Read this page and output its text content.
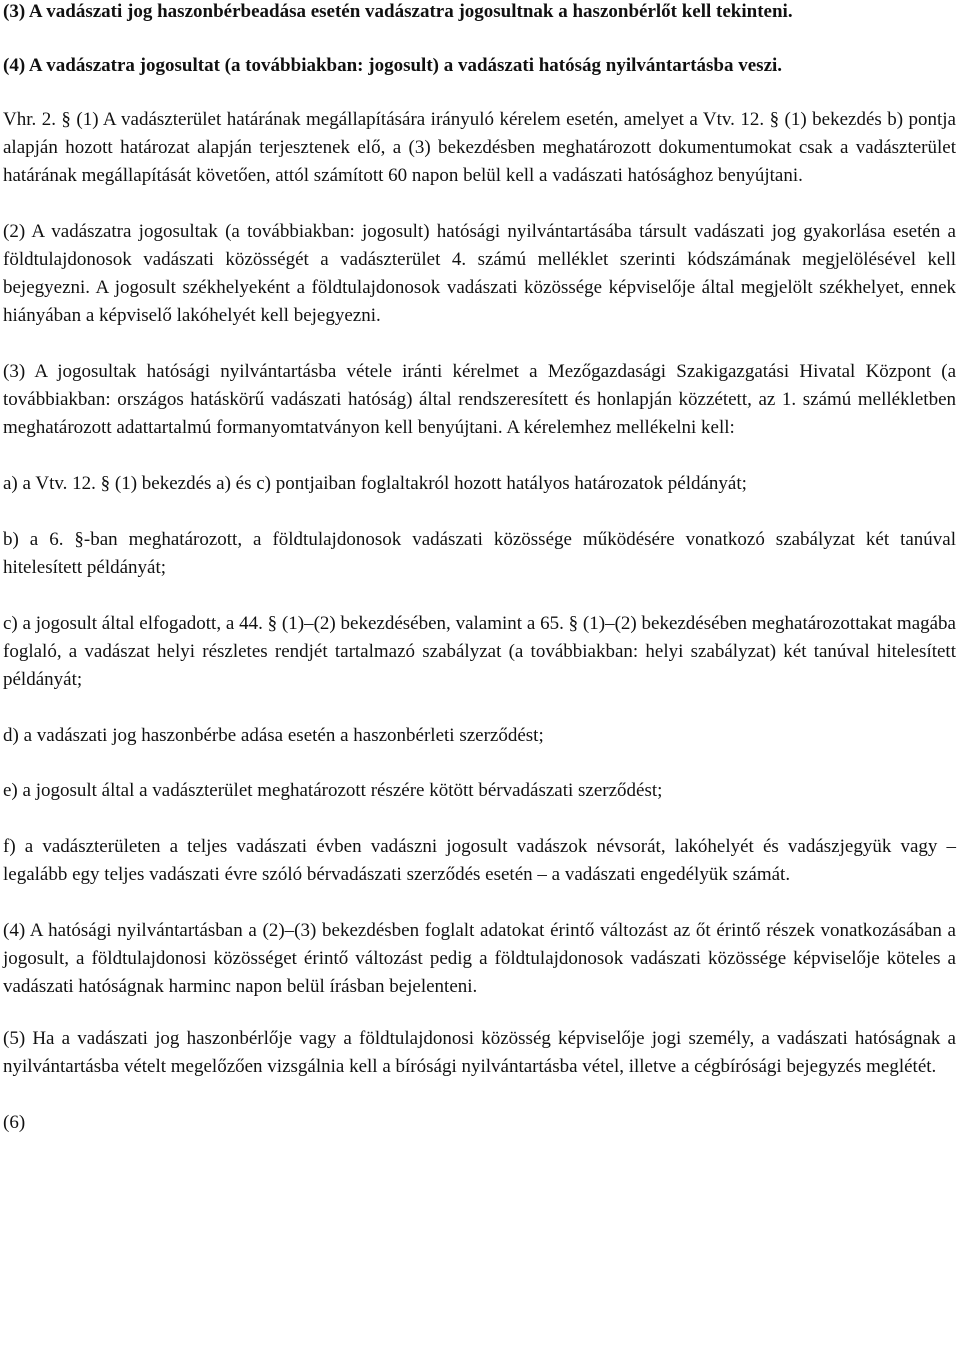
(3) A vadászati jog haszonbérbeadása esetén vadászatra jogosultnak a haszonbérlőt kell tekinteni.

(4) A vadászatra jogosultat (a továbbiakban: jogosult) a vadászati hatóság nyilvántartásba veszi.

Vhr. 2. § (1) A vadászterület határának megállapítására irányuló kérelem esetén, amelyet a Vtv. 12. § (1) bekezdés b) pontja alapján hozott határozat alapján terjesztenek elő, a (3) bekezdésben meghatározott dokumentumokat csak a vadászterület határának megállapítását követően, attól számított 60 napon belül kell a vadászati hatósághoz benyújtani.

(2) A vadászatra jogosultak (a továbbiakban: jogosult) hatósági nyilvántartásába társult vadászati jog gyakorlása esetén a földtulajdonosok vadászati közösségét a vadászterület 4. számú melléklet szerinti kódszámának megjelölésével kell bejegyezni. A jogosult székhelyeként a földtulajdonosok vadászati közössége képviselője által megjelölt székhelyet, ennek hiányában a képviselő lakóhelyét kell bejegyezni.

(3) A jogosultak hatósági nyilvántartásba vétele iránti kérelmet a Mezőgazdasági Szakigazgatási Hivatal Központ (a továbbiakban: országos hatáskörű vadászati hatóság) által rendszeresített és honlapján közzétett, az 1. számú mellékletben meghatározott adattartalmú formanyomtatványon kell benyújtani. A kérelemhez mellékelni kell:

a) a Vtv. 12. § (1) bekezdés a) és c) pontjaiban foglaltakról hozott hatályos határozatok példányát;

b) a 6. §-ban meghatározott, a földtulajdonosok vadászati közössége működésére vonatkozó szabályzat két tanúval hitelesített példányát;

c) a jogosult által elfogadott, a 44. § (1)–(2) bekezdésében, valamint a 65. § (1)–(2) bekezdésében meghatározottakat magába foglaló, a vadászat helyi részletes rendjét tartalmazó szabályzat (a továbbiakban: helyi szabályzat) két tanúval hitelesített példányát;

d) a vadászati jog haszonbérbe adása esetén a haszonbérleti szerződést;

e) a jogosult által a vadászterület meghatározott részére kötött bérvadászati szerződést;

f) a vadászterületen a teljes vadászati évben vadászni jogosult vadászok névsorát, lakóhelyét és vadászjegyük vagy – legalább egy teljes vadászati évre szóló bérvadászati szerződés esetén – a vadászati engedélyük számát.

(4) A hatósági nyilvántartásban a (2)–(3) bekezdésben foglalt adatokat érintő változást az őt érintő részek vonatkozásában a jogosult, a földtulajdonosi közösséget érintő változást pedig a földtulajdonosok vadászati közössége képviselője köteles a vadászati hatóságnak harminc napon belül írásban bejelenteni.

(5) Ha a vadászati jog haszonbérlője vagy a földtulajdonosi közösség képviselője jogi személy, a vadászati hatóságnak a nyilvántartásba vételt megelőzően vizsgálnia kell a bírósági nyilvántartásba vétel, illetve a cégbírósági bejegyzés meglétét.

(6)
